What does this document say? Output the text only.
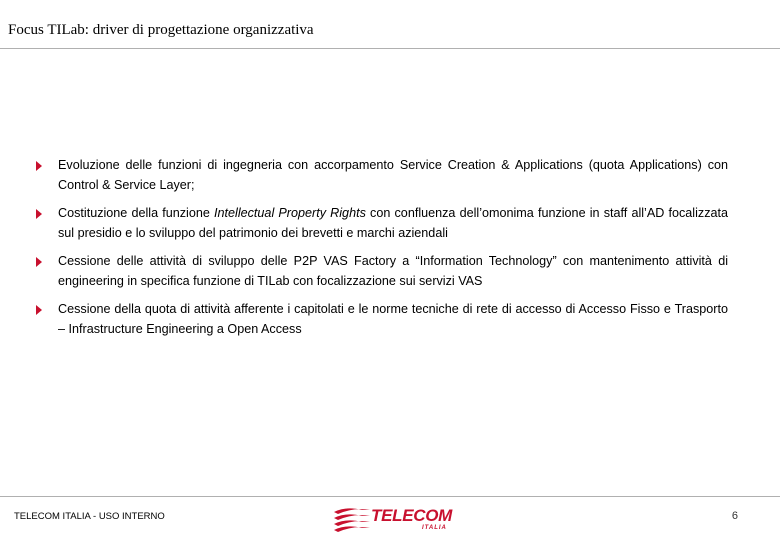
Focus TILab: driver di progettazione organizzativa
Evoluzione delle funzioni di ingegneria con accorpamento Service Creation & Applications (quota Applications) con Control & Service Layer;
Costituzione della funzione Intellectual Property Rights con confluenza dell’omonima funzione in staff all’AD focalizzata sul presidio e lo sviluppo del patrimonio dei brevetti e marchi aziendali
Cessione delle attività di sviluppo delle P2P VAS Factory a “Information Technology” con mantenimento attività di engineering in specifica funzione di TILab con focalizzazione sui servizi VAS
Cessione della quota di attività afferente i capitolati e le norme tecniche di rete di accesso di Accesso Fisso e Trasporto – Infrastructure Engineering a Open Access
TELECOM ITALIA - USO INTERNO	TELECOM
ITALIA
6
